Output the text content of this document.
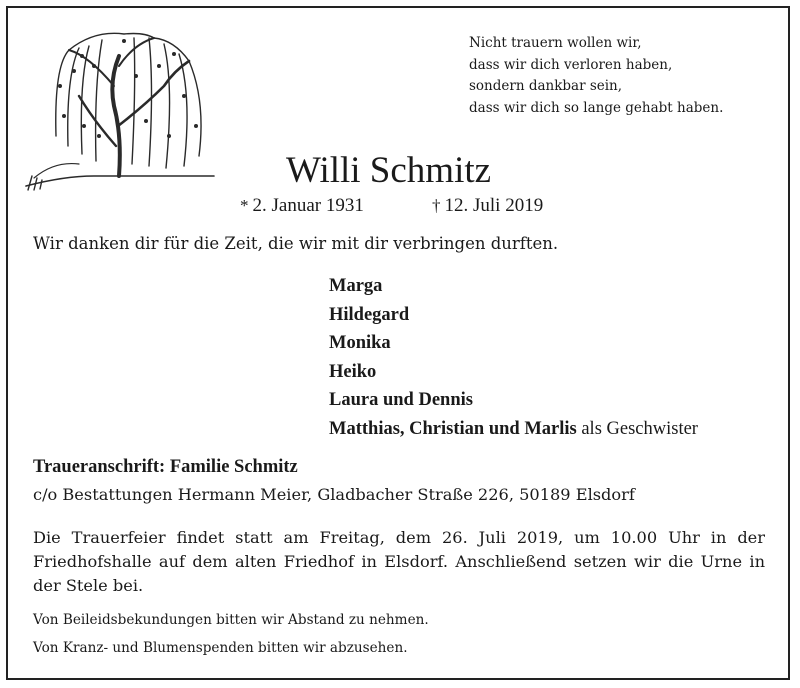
Nicht trauern wollen wir,
dass wir dich verloren haben,
sondern dankbar sein,
dass wir dich so lange gehabt haben.
Willi Schmitz
* 2. Januar 1931	† 12. Juli 2019
Wir danken dir für die Zeit, die wir mit dir verbringen durften.
Marga
Hildegard
Monika
Heiko
Laura und Dennis
Matthias, Christian und Marlis als Geschwister
Traueranschrift: Familie Schmitz
c/o Bestattungen Hermann Meier, Gladbacher Straße 226, 50189 Elsdorf
Die Trauerfeier findet statt am Freitag, dem 26. Juli 2019, um 10.00 Uhr in der Friedhofshalle auf dem alten Friedhof in Elsdorf. Anschließend setzen wir die Urne in der Stele bei.
Von Beileidsbekundungen bitten wir Abstand zu nehmen.
Von Kranz- und Blumenspenden bitten wir abzusehen.
